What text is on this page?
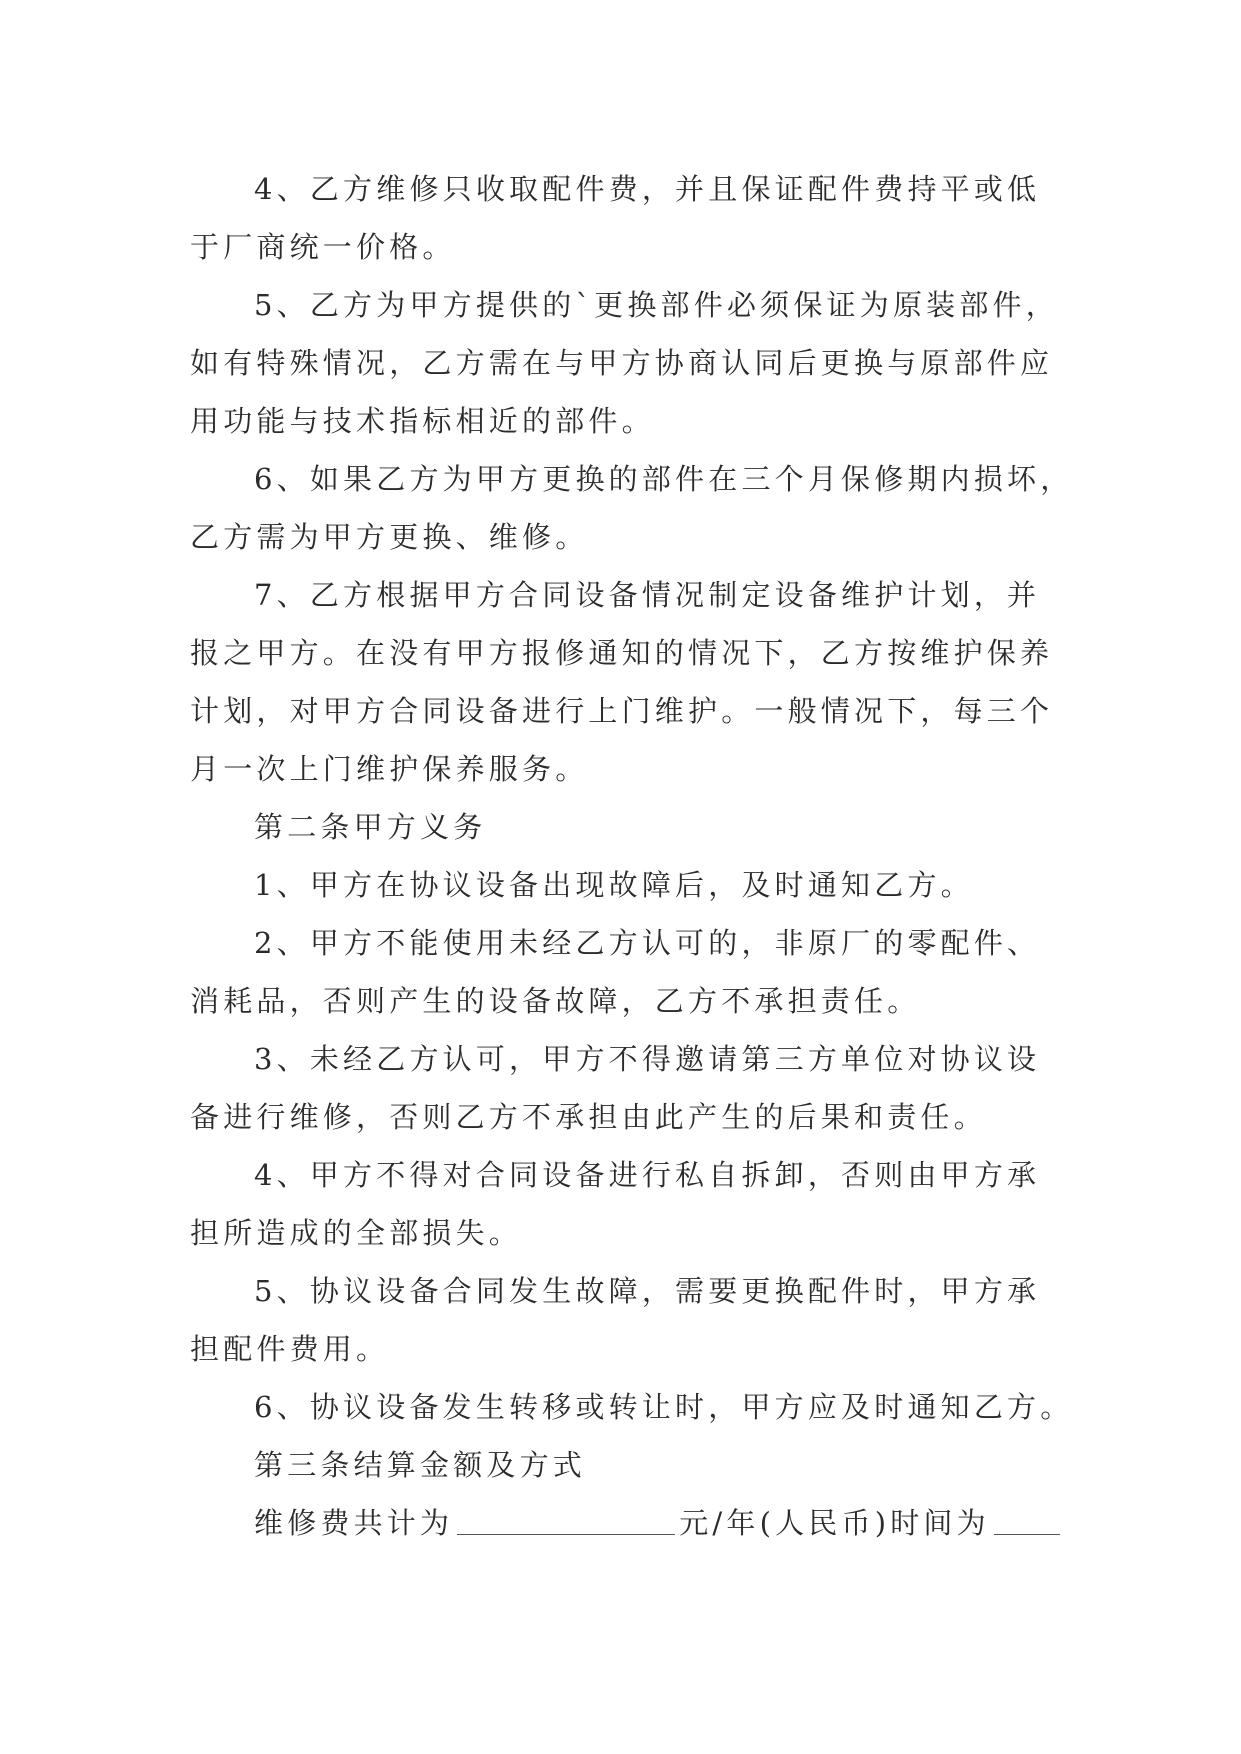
4、乙方维修只收取配件费，并且保证配件费持平或低
于厂商统一价格。
5、乙方为甲方提供的`更换部件必须保证为原装部件，
如有特殊情况，乙方需在与甲方协商认同后更换与原部件应
用功能与技术指标相近的部件。
6、如果乙方为甲方更换的部件在三个月保修期内损坏，
乙方需为甲方更换、维修。
7、乙方根据甲方合同设备情况制定设备维护计划，并
报之甲方。在没有甲方报修通知的情况下，乙方按维护保养
计划，对甲方合同设备进行上门维护。一般情况下，每三个
月一次上门维护保养服务。
第二条甲方义务
1、甲方在协议设备出现故障后，及时通知乙方。
2、甲方不能使用未经乙方认可的，非原厂的零配件、
消耗品，否则产生的设备故障，乙方不承担责任。
3、未经乙方认可，甲方不得邀请第三方单位对协议设
备进行维修，否则乙方不承担由此产生的后果和责任。
4、甲方不得对合同设备进行私自拆卸，否则由甲方承
担所造成的全部损失。
5、协议设备合同发生故障，需要更换配件时，甲方承
担配件费用。
6、协议设备发生转移或转让时，甲方应及时通知乙方。
第三条结算金额及方式
维修费共计为	元/年(人民币)时间为
